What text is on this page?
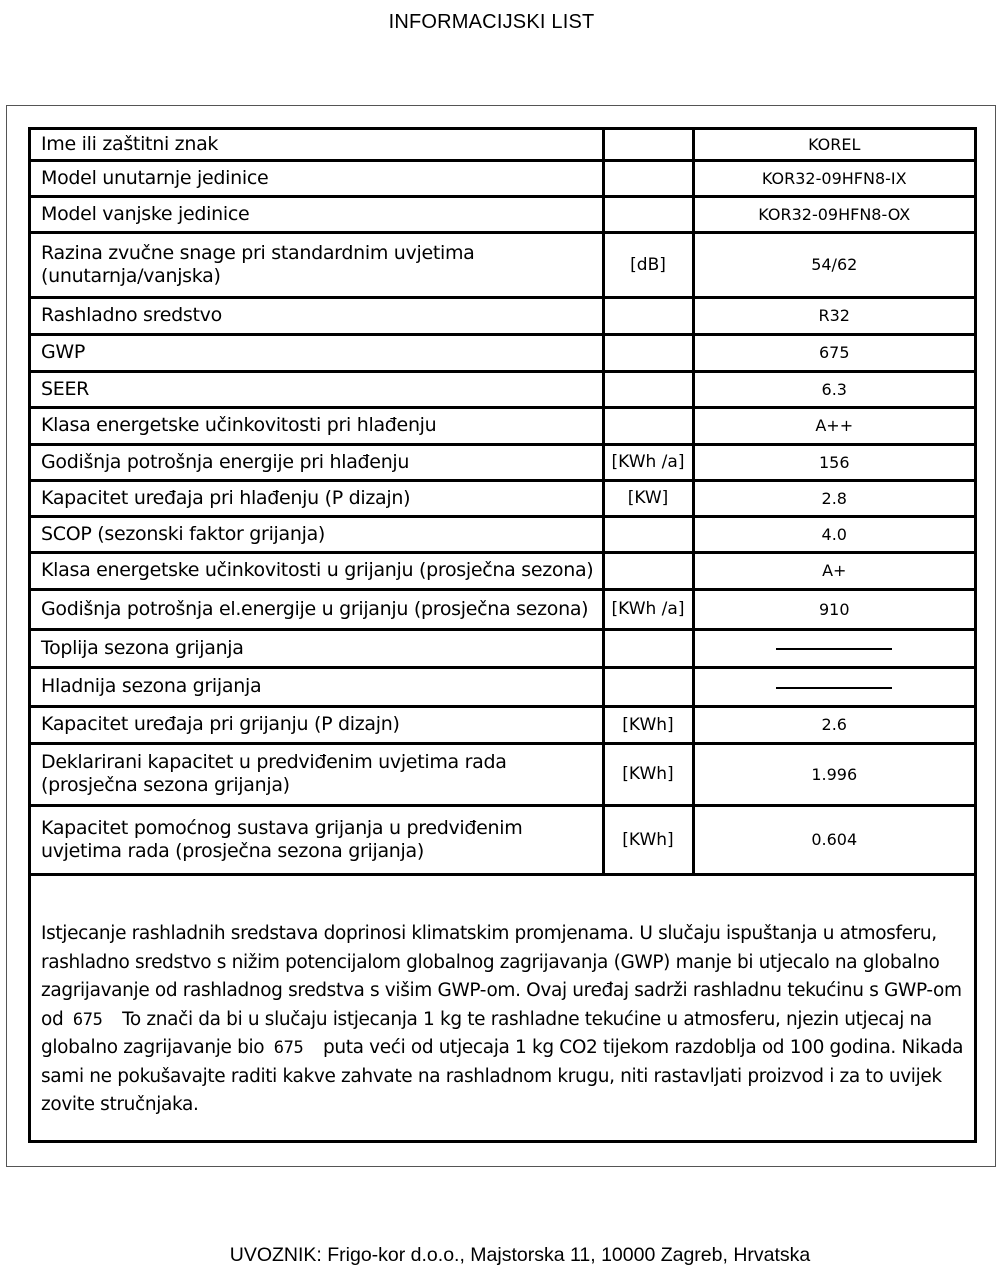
INFORMACIJSKI LIST
Ime ili zaštitni znak		KOREL
Model unutarnje jedinice		KOR32-09HFN8-IX
Model vanjske jedinice		KOR32-09HFN8-OX
Razina zvučne snage pri standardnim uvjetima
(unutarnja/vanjska)	[dB]	54/62
Rashladno sredstvo		R32
GWP		675
SEER		6.3
Klasa energetske učinkovitosti pri hlađenju		A++
Godišnja potrošnja energije pri hlađenju	[KWh /a]	156
Kapacitet uređaja pri hlađenju (P dizajn)	[KW]	2.8
SCOP (sezonski faktor grijanja)		4.0
Klasa energetske učinkovitosti u grijanju (prosječna sezona)		A+
Godišnja potrošnja el.energije u grijanju (prosječna sezona)	[KWh /a]	910
Toplija sezona grijanja		
Hladnija sezona grijanja		
Kapacitet uređaja pri grijanju (P dizajn)	[KWh]	2.6
Deklarirani kapacitet u predviđenim uvjetima rada
(prosječna sezona grijanja)	[KWh]	1.996
Kapacitet pomoćnog sustava grijanja u predviđenim
uvjetima rada (prosječna sezona grijanja)	[KWh]	0.604
Istjecanje rashladnih sredstava doprinosi klimatskim promjenama. U slučaju ispuštanja u atmosferu, rashladno sredstvo s nižim potencijalom globalnog zagrijavanja (GWP) manje bi utjecalo na globalno zagrijavanje od rashladnog sredstva s višim GWP-om. Ovaj uređaj sadrži rashladnu tekućinu s GWP-om od 675 To znači da bi u slučaju istjecanja 1 kg te rashladne tekućine u atmosferu, njezin utjecaj na globalno zagrijavanje bio 675 puta veći od utjecaja 1 kg CO2 tijekom razdoblja od 100 godina. Nikada sami ne pokušavajte raditi kakve zahvate na rashladnom krugu, niti rastavljati proizvod i za to uvijek zovite stručnjaka.
UVOZNIK: Frigo-kor d.o.o., Majstorska 11, 10000 Zagreb, Hrvatska
